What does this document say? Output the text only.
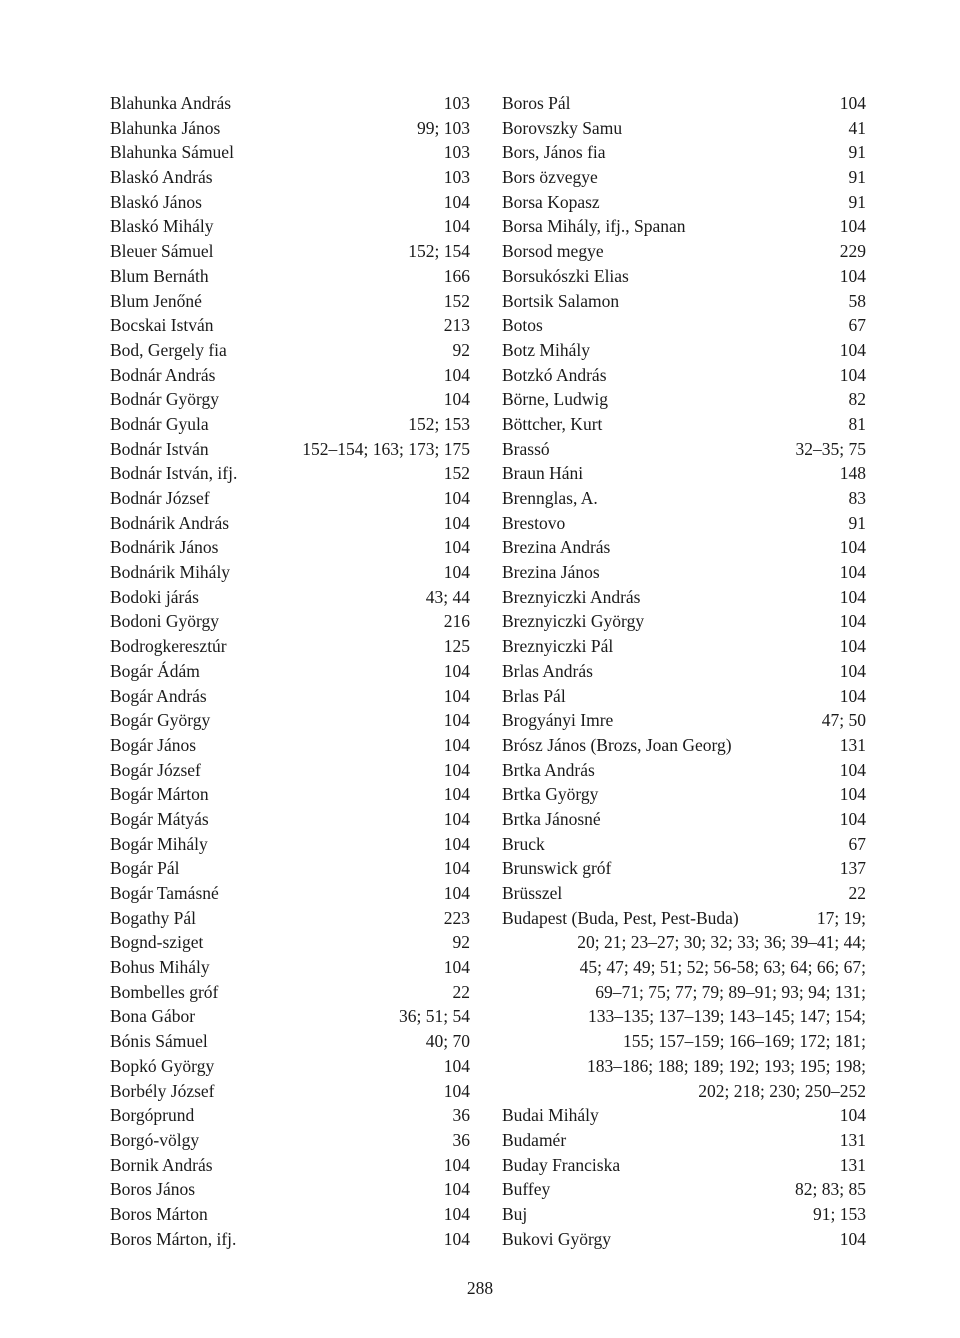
Blahunka András	103
Blahunka János	99; 103
Blahunka Sámuel	103
Blaskó András	103
Blaskó János	104
Blaskó Mihály	104
Bleuer Sámuel	152; 154
Blum Bernáth	166
Blum Jenőné	152
Bocskai István	213
Bod, Gergely fia	92
Bodnár András	104
Bodnár György	104
Bodnár Gyula	152; 153
Bodnár István	152–154; 163; 173; 175
Bodnár István, ifj.	152
Bodnár József	104
Bodnárik András	104
Bodnárik János	104
Bodnárik Mihály	104
Bodoki járás	43; 44
Bodoni György	216
Bodrogkeresztúr	125
Bogár Ádám	104
Bogár András	104
Bogár György	104
Bogár János	104
Bogár József	104
Bogár Márton	104
Bogár Mátyás	104
Bogár Mihály	104
Bogár Pál	104
Bogár Tamásné	104
Bogathy Pál	223
Bognd-sziget	92
Bohus Mihály	104
Bombelles gróf	22
Bona Gábor	36; 51; 54
Bónis Sámuel	40; 70
Bopkó György	104
Borbély József	104
Borgóprund	36
Borgó-völgy	36
Bornik András	104
Boros János	104
Boros Márton	104
Boros Márton, ifj.	104
Boros Pál	104
Borovszky Samu	41
Bors, János fia	91
Bors özvegye	91
Borsa Kopasz	91
Borsa Mihály, ifj., Spanan	104
Borsod megye	229
Borsukószki Elias	104
Bortsik Salamon	58
Botos	67
Botz Mihály	104
Botzkó András	104
Börne, Ludwig	82
Böttcher, Kurt	81
Brassó	32–35; 75
Braun Háni	148
Brennglas, A.	83
Brestovo	91
Brezina András	104
Brezina János	104
Breznyiczki András	104
Breznyiczki György	104
Breznyiczki Pál	104
Brlas András	104
Brlas Pál	104
Brogyányi Imre	47; 50
Brósz János (Brozs, Joan Georg)	131
Brtka András	104
Brtka György	104
Brtka Jánosné	104
Bruck	67
Brunswick gróf	137
Brüsszel	22
Budapest (Buda, Pest, Pest-Buda)	17; 19;
20; 21; 23–27; 30; 32; 33; 36; 39–41; 44;
45; 47; 49; 51; 52; 56-58; 63; 64; 66; 67;
69–71; 75; 77; 79; 89–91; 93; 94; 131;
133–135; 137–139; 143–145; 147; 154;
155; 157–159; 166–169; 172; 181;
183–186; 188; 189; 192; 193; 195; 198;
202; 218; 230; 250–252
Budai Mihály	104
Budamér	131
Buday Franciska	131
Buffey	82; 83; 85
Buj	91; 153
Bukovi György	104
288
